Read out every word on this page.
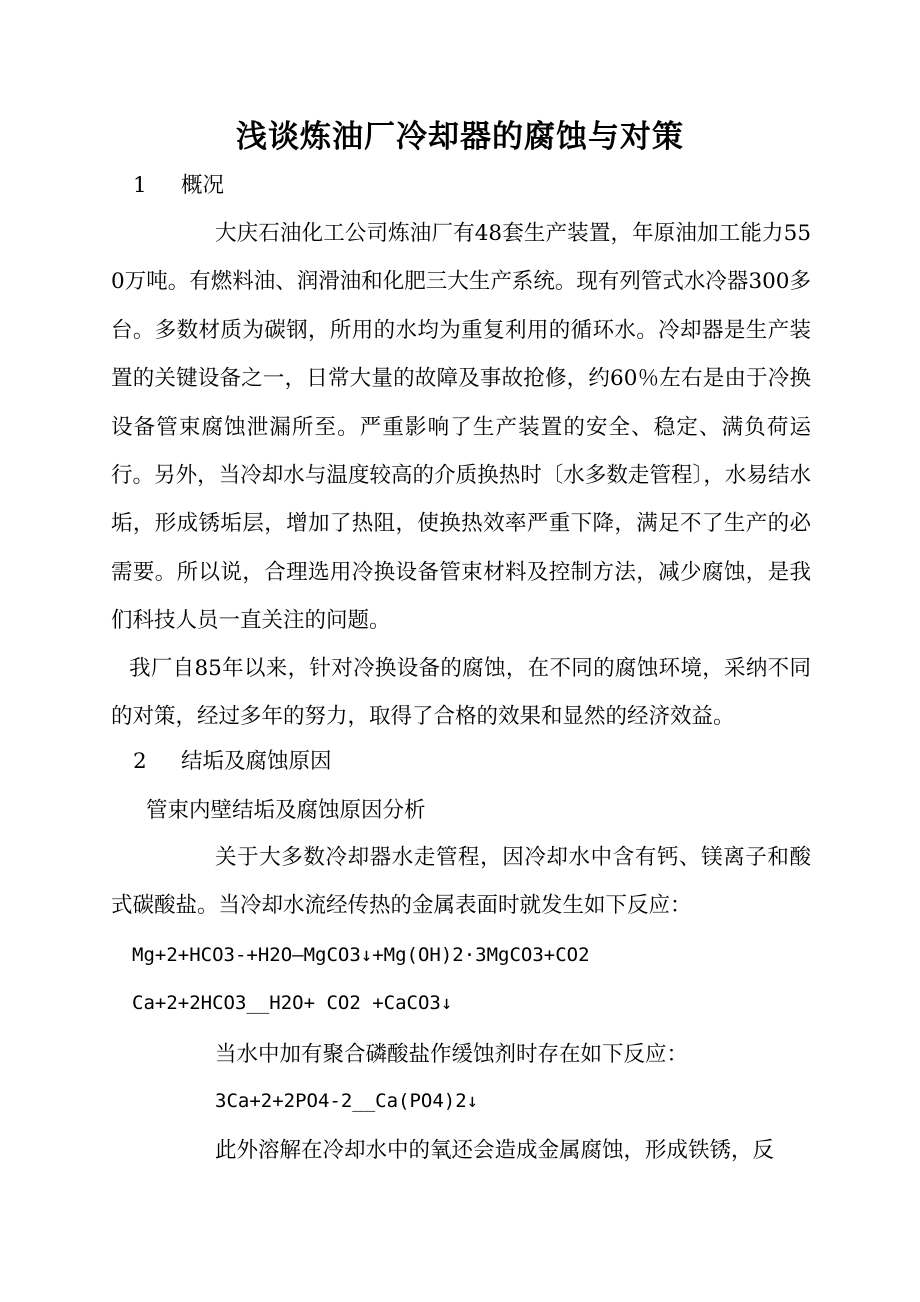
浅谈炼油厂冷却器的腐蚀与对策
1 概况

大庆石油化工公司炼油厂有48套生产装置，年原油加工能力550万吨。有燃料油、润滑油和化肥三大生产系统。现有列管式水冷器300多台。多数材质为碳钢，所用的水均为重复利用的循环水。冷却器是生产装置的关键设备之一，日常大量的故障及事故抢修，约60％左右是由于冷换设备管束腐蚀泄漏所至。严重影响了生产装置的安全、稳定、满负荷运行。另外，当冷却水与温度较高的介质换热时〔水多数走管程〕，水易结水垢，形成锈垢层，增加了热阻，使换热效率严重下降，满足不了生产的必需要。所以说，合理选用冷换设备管束材料及控制方法，减少腐蚀，是我们科技人员一直关注的问题。

我厂自85年以来，针对冷换设备的腐蚀，在不同的腐蚀环境，采纳不同的对策，经过多年的努力，取得了合格的效果和显然的经济效益。

2 结垢及腐蚀原因
管束内壁结垢及腐蚀原因分析

关于大多数冷却器水走管程，因冷却水中含有钙、镁离子和酸式碳酸盐。当冷却水流经传热的金属表面时就发生如下反应：

Mg+2+HCO3-+H2O—MgCO3↓+Mg(OH)2·3MgCO3+CO2
Ca+2+2HCO3__H2O+ CO2 +CaCO3↓

当水中加有聚合磷酸盐作缓蚀剂时存在如下反应：

3Ca+2+2PO4-2__Ca(PO4)2↓

此外溶解在冷却水中的氧还会造成金属腐蚀，形成铁锈，反
